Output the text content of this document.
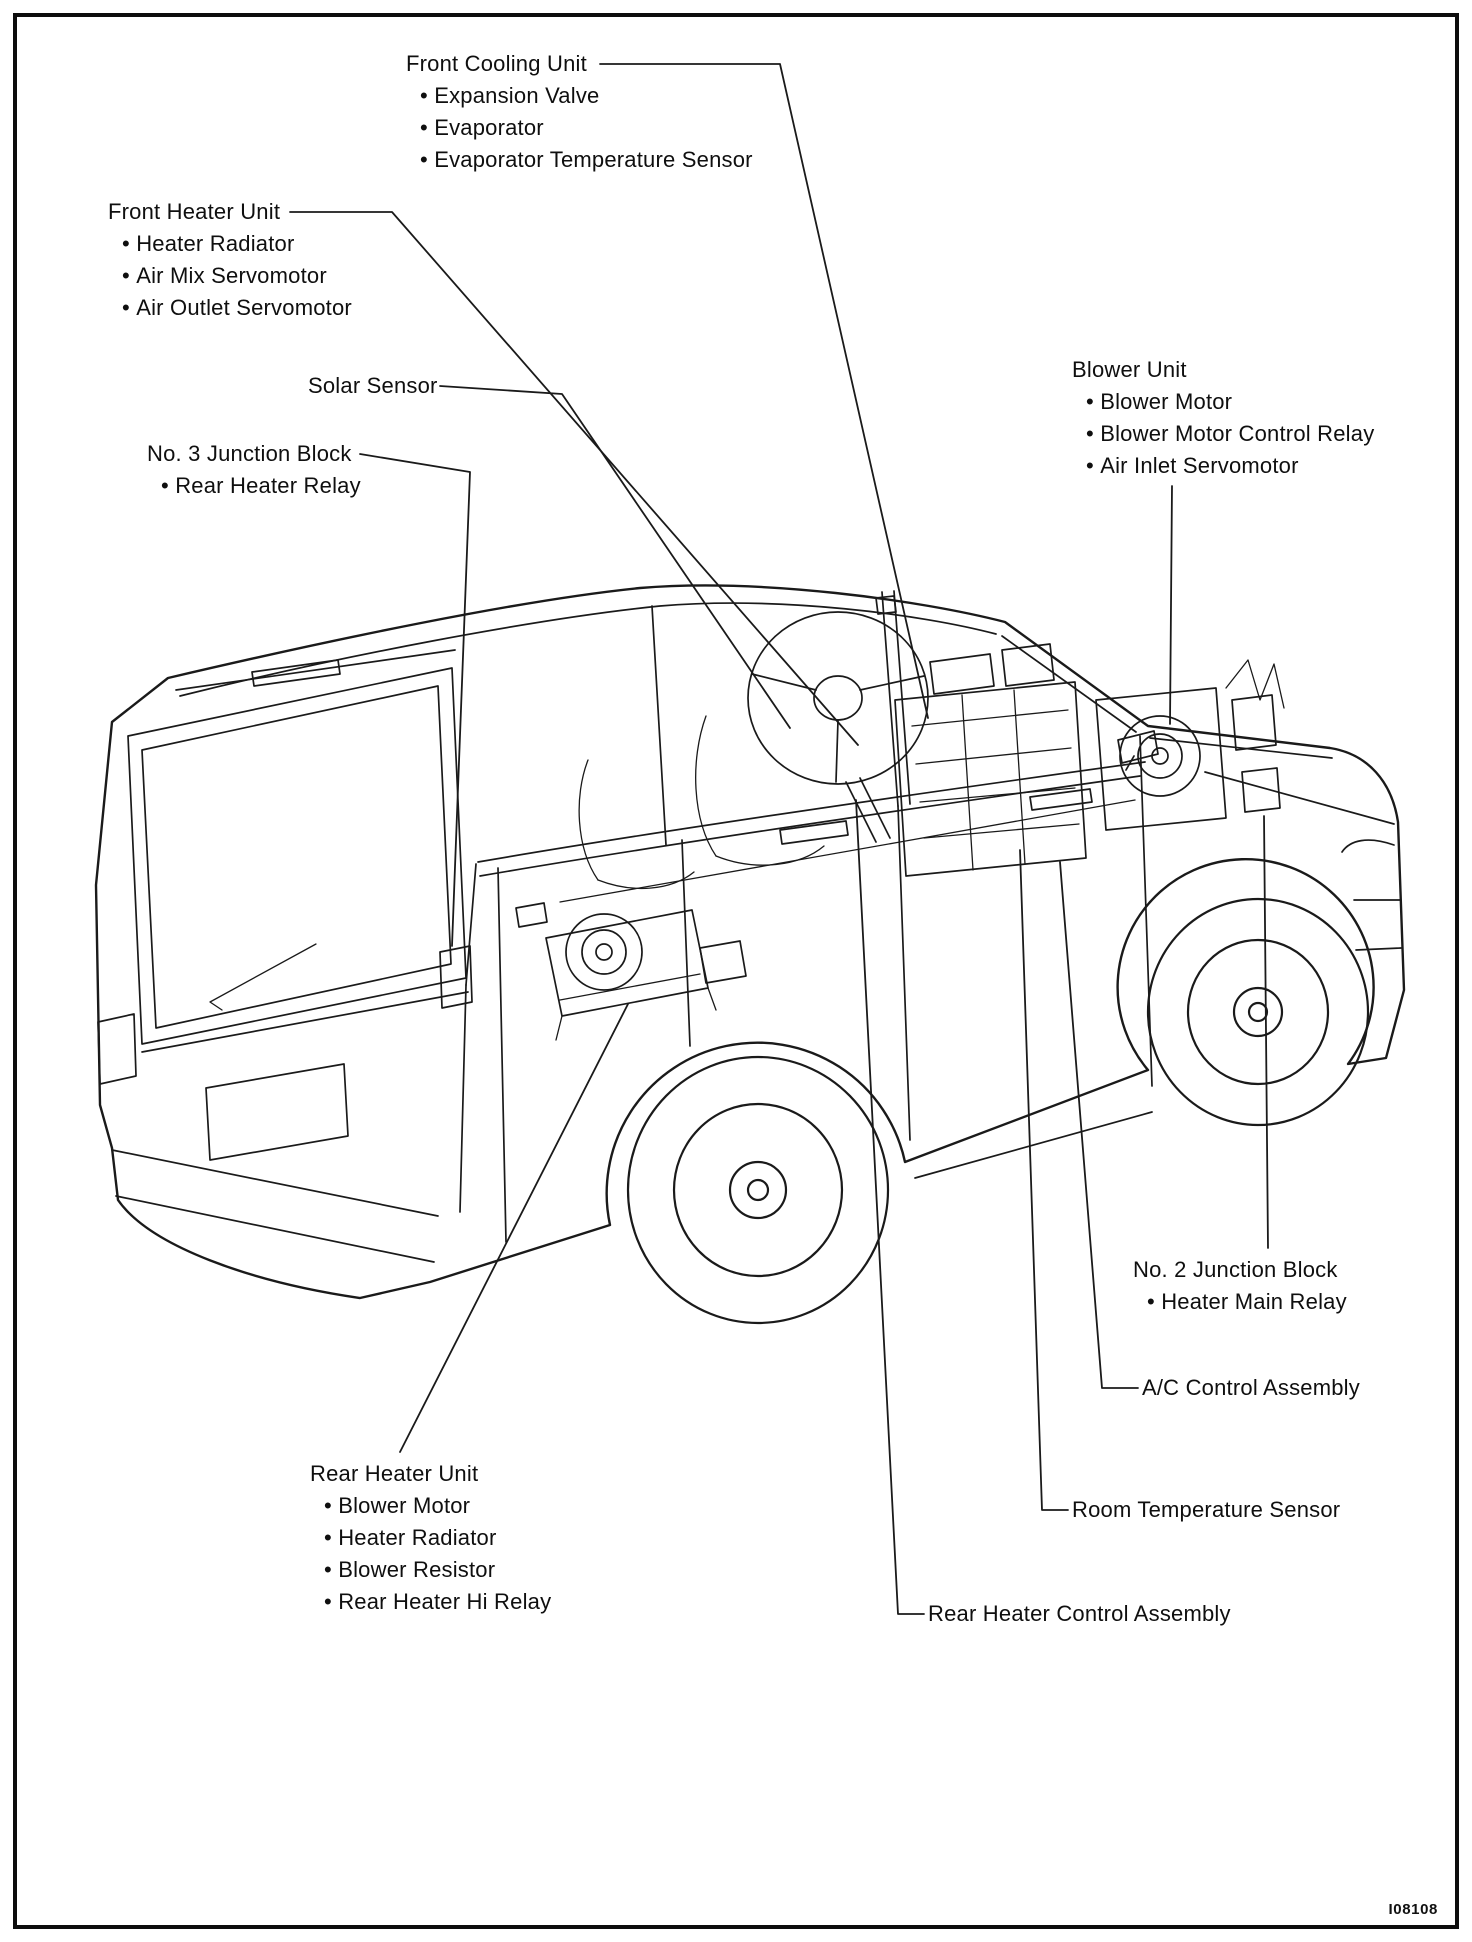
Front Cooling Unit
• Expansion Valve
• Evaporator
• Evaporator Temperature Sensor
Front Heater Unit
• Heater Radiator
• Air Mix Servomotor
• Air Outlet Servomotor
Solar Sensor
No. 3 Junction Block
• Rear Heater Relay
Blower Unit
• Blower Motor
• Blower Motor Control Relay
• Air Inlet Servomotor
No. 2 Junction Block
• Heater Main Relay
A/C Control Assembly
Room Temperature Sensor
Rear Heater Control Assembly
Rear Heater Unit
• Blower Motor
• Heater Radiator
• Blower Resistor
• Rear Heater Hi Relay
I08108
